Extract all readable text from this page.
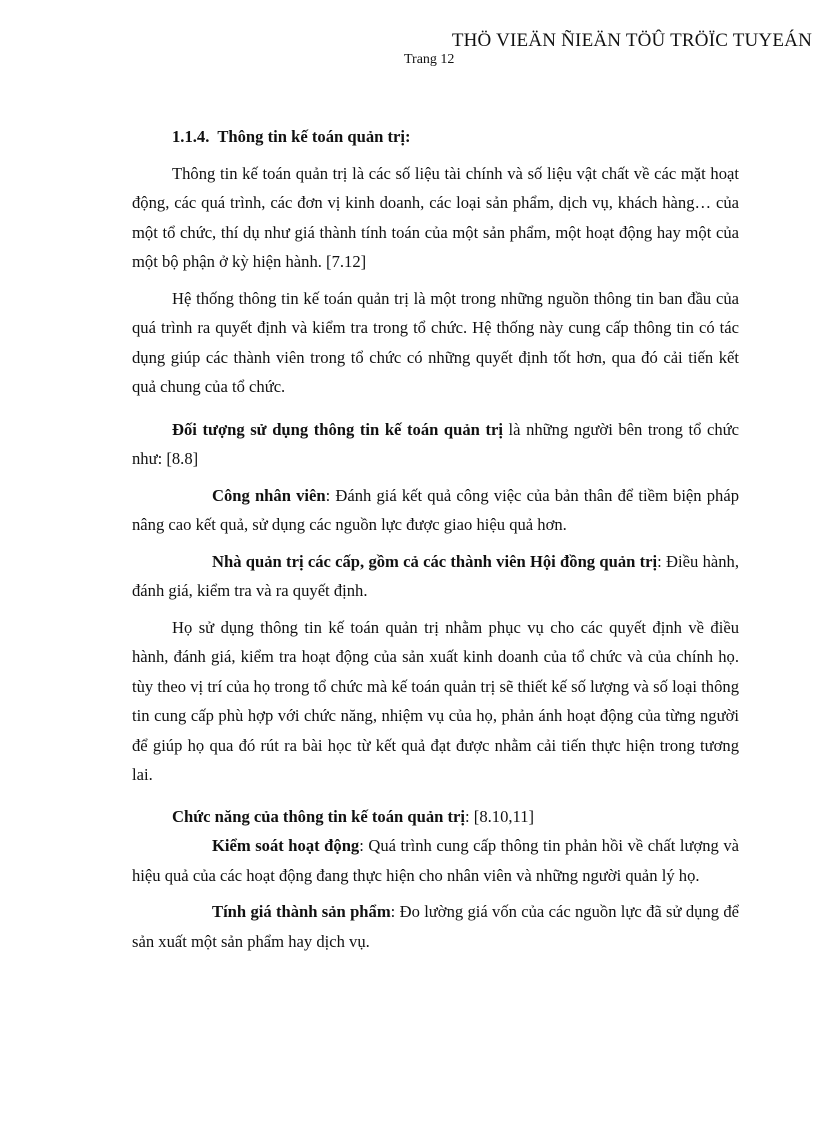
THÖ VIEÄN ÑIEÄN TÖÛ TRÖÏC TUYEÁN
Trang 12

1.1.4. Thông tin kế toán quản trị:

Thông tin kế toán quản trị là các số liệu tài chính và số liệu vật chất về các mặt hoạt động, các quá trình, các đơn vị kinh doanh, các loại sản phẩm, dịch vụ, khách hàng… của một tổ chức, thí dụ như giá thành tính toán của một sản phẩm, một hoạt động hay một của một bộ phận ở kỳ hiện hành. [7.12]

Hệ thống thông tin kế toán quản trị là một trong những nguồn thông tin ban đầu của quá trình ra quyết định và kiểm tra trong tổ chức. Hệ thống này cung cấp thông tin có tác dụng giúp các thành viên trong tổ chức có những quyết định tốt hơn, qua đó cải tiến kết quả chung của tổ chức.

Đối tượng sử dụng thông tin kế toán quản trị là những người bên trong tổ chức như: [8.8]

Công nhân viên: Đánh giá kết quả công việc của bản thân để tiềm biện pháp nâng cao kết quả, sử dụng các nguồn lực được giao hiệu quả hơn.

Nhà quản trị các cấp, gồm cả các thành viên Hội đồng quản trị: Điều hành, đánh giá, kiểm tra và ra quyết định.

Họ sử dụng thông tin kế toán quản trị nhằm phục vụ cho các quyết định về điều hành, đánh giá, kiểm tra hoạt động của sản xuất kinh doanh của tổ chức và của chính họ. tùy theo vị trí của họ trong tổ chức mà kế toán quản trị sẽ thiết kế số lượng và số loại thông tin cung cấp phù hợp với chức năng, nhiệm vụ của họ, phản ánh hoạt động của từng người để giúp họ qua đó rút ra bài học từ kết quả đạt được nhằm cải tiến thực hiện trong tương lai.

Chức năng của thông tin kế toán quản trị: [8.10,11]

Kiểm soát hoạt động: Quá trình cung cấp thông tin phản hồi về chất lượng và hiệu quả của các hoạt động đang thực hiện cho nhân viên và những người quản lý họ.

Tính giá thành sản phẩm: Đo lường giá vốn của các nguồn lực đã sử dụng để sản xuất một sản phẩm hay dịch vụ.
